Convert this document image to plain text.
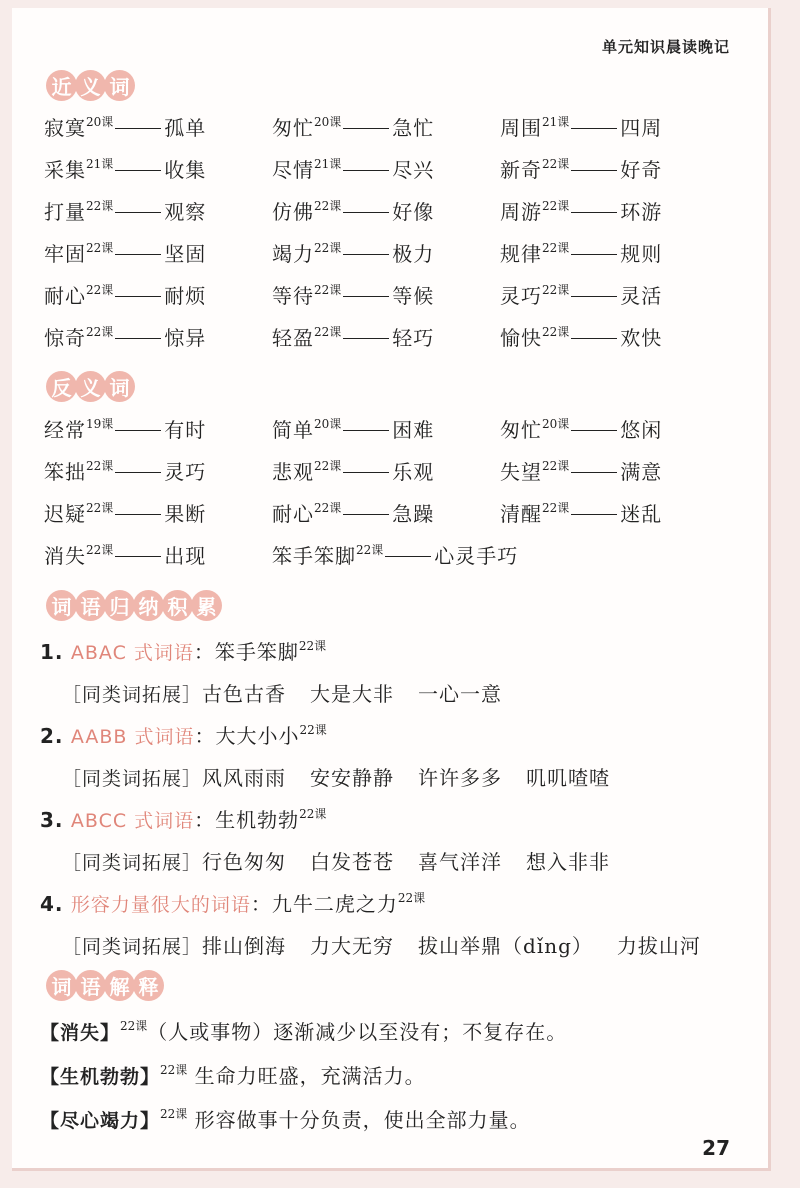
单元知识晨读晚记
近 义 词
寂寞$^{20课}$	孤单	匆忙$^{20课}$	急忙	周围$^{21课}$	四周
采集$^{21课}$	收集	尽情$^{21课}$	尽兴	新奇$^{22课}$	好奇
打量$^{22课}$	观察	仿佛$^{22课}$	好像	周游$^{22课}$	环游
牢固$^{22课}$	坚固	竭力$^{22课}$	极力	规律$^{22课}$	规则
耐心$^{22课}$	耐烦	等待$^{22课}$	等候	灵巧$^{22课}$	灵活
惊奇$^{22课}$	惊异	轻盈$^{22课}$	轻巧	愉快$^{22课}$	欢快
反 义 词
经常$^{19课}$	有时	简单$^{20课}$	困难	匆忙$^{20课}$	悠闲
笨拙$^{22课}$	灵巧	悲观$^{22课}$	乐观	失望$^{22课}$	满意
迟疑$^{22课}$	果断	耐心$^{22课}$	急躁	清醒$^{22课}$	迷乱
消失$^{22课}$	出现	笨手笨脚$^{22课}$	心灵手巧
词 语 归 纳 积 累
1. ABAC 式词语：笨手笨脚$^{22课}$
［同类词拓展］古色古香 大是大非 一心一意
2. AABB 式词语：大大小小$^{22课}$
［同类词拓展］风风雨雨 安安静静 许许多多 叽叽喳喳
3. ABCC 式词语：生机勃勃$^{22课}$
［同类词拓展］行色匆匆 白发苍苍 喜气洋洋 想入非非
4. 形容力量很大的词语：九牛二虎之力$^{22课}$
［同类词拓展］排山倒海 力大无穷 拔山举鼎（dǐng） 力拔山河
词 语 解 释
【消失】$^{22课}$（人或事物）逐渐减少以至没有；不复存在。
【生机勃勃】$^{22课}$ 生命力旺盛，充满活力。
【尽心竭力】$^{22课}$ 形容做事十分负责，使出全部力量。
27
